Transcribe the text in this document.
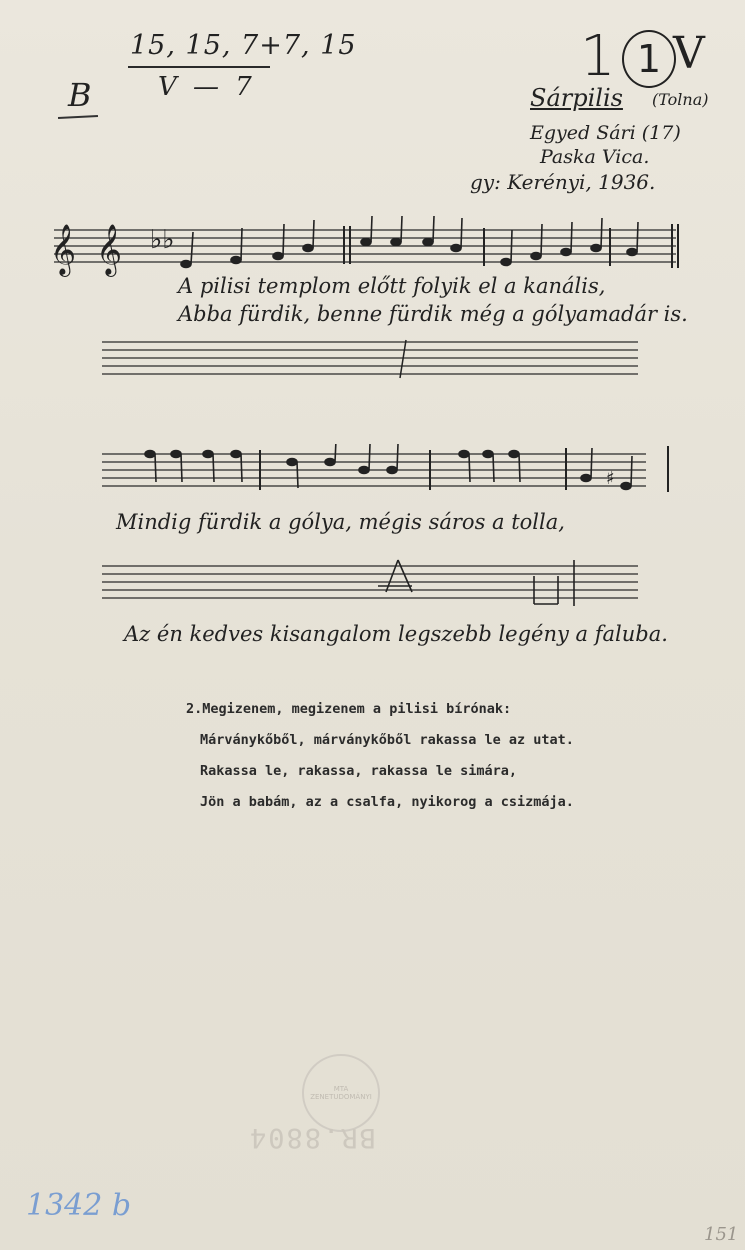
15, 15, 7+7, 15
V — 7
B
1 1 V
Sárpilis (Tolna)
Egyed Sári (17)
Paska Vica.
gy: Kerényi, 1936.
𝄞 𝄞 ♭♭
A pilisi templom előtt folyik el a kanális,
Abba fürdik, benne fürdik még a gólyamadár is.
♯
Mindig fürdik a gólya, mégis sáros a tolla,
Az én kedves kisangalom legszebb legény a faluba.
2.Megizenem, megizenem a pilisi bírónak:
Márványkőből, márványkőből rakassa le az utat.
Rakassa le, rakassa, rakassa le simára,
Jön a babám, az a csalfa, nyikorog a csizmája.
MTA ZENETUDOMÁNYI
BR.8804
1342 b
151
